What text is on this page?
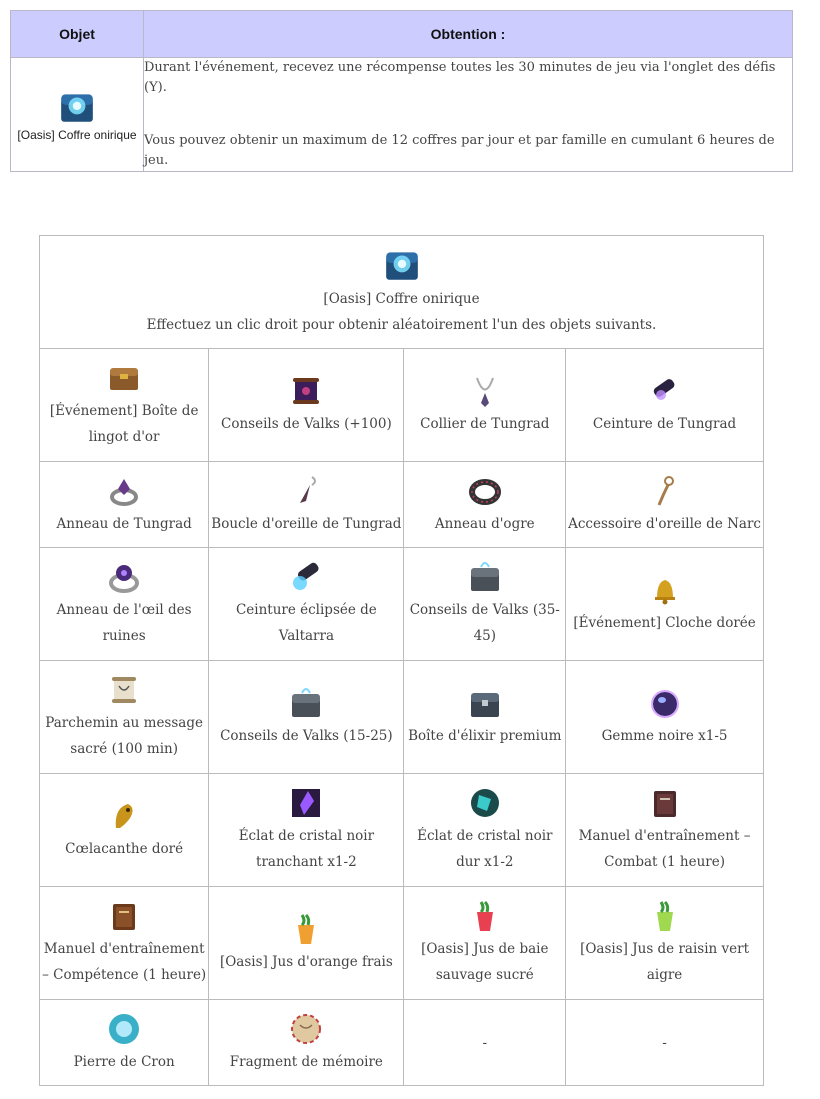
Objet	Obtention :

[Oasis] Coffre onirique	Durant l'événement, recevez une récompense toutes les 30 minutes de jeu via l'onglet des défis (Y).

Vous pouvez obtenir un maximum de 12 coffres par jour et par famille en cumulant 6 heures de jeu.

[Oasis] Coffre onirique
Effectuez un clic droit pour obtenir aléatoirement l'un des objets suivants.			

[Événement] Boîte de lingot d'or	Conseils de Valks (+100)	Collier de Tungrad	Ceinture de Tungrad

Anneau de Tungrad	Boucle d'oreille de Tungrad	Anneau d'ogre	Accessoire d'oreille de Narc

Anneau de l'œil des ruines	Ceinture éclipsée de Valtarra	Conseils de Valks (35-45)	[Événement] Cloche dorée

Parchemin au message sacré (100 min)	Conseils de Valks (15-25)	Boîte d'élixir premium	Gemme noire x1-5

Cœlacanthe doré	Éclat de cristal noir tranchant x1-2	Éclat de cristal noir dur x1-2	Manuel d'entraînement – Combat (1 heure)

Manuel d'entraînement – Compétence (1 heure)	[Oasis] Jus d'orange frais	[Oasis] Jus de baie sauvage sucré	[Oasis] Jus de raisin vert aigre

Pierre de Cron	Fragment de mémoire	-	-
